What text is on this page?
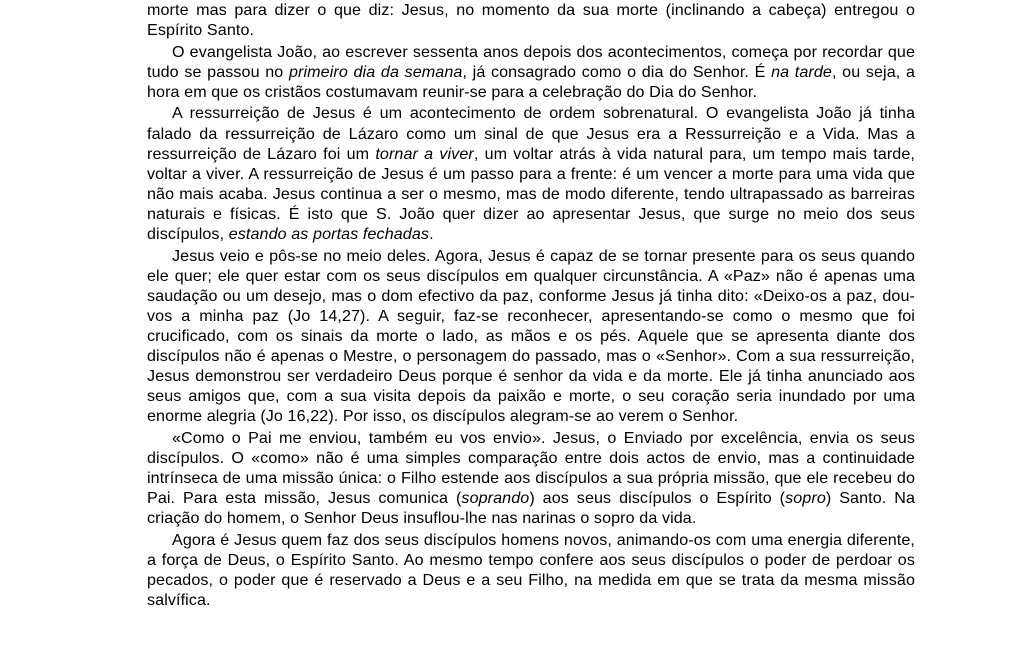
morte mas para dizer o que diz: Jesus, no momento da sua morte (inclinando a cabeça) entregou o Espírito Santo.

O evangelista João, ao escrever sessenta anos depois dos acontecimentos, começa por recordar que tudo se passou no primeiro dia da semana, já consagrado como o dia do Senhor. É na tarde, ou seja, a hora em que os cristãos costumavam reunir-se para a celebração do Dia do Senhor.

A ressurreição de Jesus é um acontecimento de ordem sobrenatural. O evangelista João já tinha falado da ressurreição de Lázaro como um sinal de que Jesus era a Ressurreição e a Vida. Mas a ressurreição de Lázaro foi um tornar a viver, um voltar atrás à vida natural para, um tempo mais tarde, voltar a viver. A ressurreição de Jesus é um passo para a frente: é um vencer a morte para uma vida que não mais acaba. Jesus continua a ser o mesmo, mas de modo diferente, tendo ultrapassado as barreiras naturais e físicas. É isto que S. João quer dizer ao apresentar Jesus, que surge no meio dos seus discípulos, estando as portas fechadas.

Jesus veio e pôs-se no meio deles. Agora, Jesus é capaz de se tornar presente para os seus quando ele quer; ele quer estar com os seus discípulos em qualquer circunstância. A «Paz» não é apenas uma saudação ou um desejo, mas o dom efectivo da paz, conforme Jesus já tinha dito: «Deixo-os a paz, dou-vos a minha paz (Jo 14,27). A seguir, faz-se reconhecer, apresentando-se como o mesmo que foi crucificado, com os sinais da morte o lado, as mãos e os pés. Aquele que se apresenta diante dos discípulos não é apenas o Mestre, o personagem do passado, mas o «Senhor». Com a sua ressurreição, Jesus demonstrou ser verdadeiro Deus porque é senhor da vida e da morte. Ele já tinha anunciado aos seus amigos que, com a sua visita depois da paixão e morte, o seu coração seria inundado por uma enorme alegria (Jo 16,22). Por isso, os discípulos alegram-se ao verem o Senhor.

«Como o Pai me enviou, também eu vos envio». Jesus, o Enviado por excelência, envia os seus discípulos. O «como» não é uma simples comparação entre dois actos de envio, mas a continuidade intrínseca de uma missão única: o Filho estende aos discípulos a sua própria missão, que ele recebeu do Pai. Para esta missão, Jesus comunica (soprando) aos seus discípulos o Espírito (sopro) Santo. Na criação do homem, o Senhor Deus insuflou-lhe nas narinas o sopro da vida.

Agora é Jesus quem faz dos seus discípulos homens novos, animando-os com uma energia diferente, a força de Deus, o Espírito Santo. Ao mesmo tempo confere aos seus discípulos o poder de perdoar os pecados, o poder que é reservado a Deus e a seu Filho, na medida em que se trata da mesma missão salvífica.
